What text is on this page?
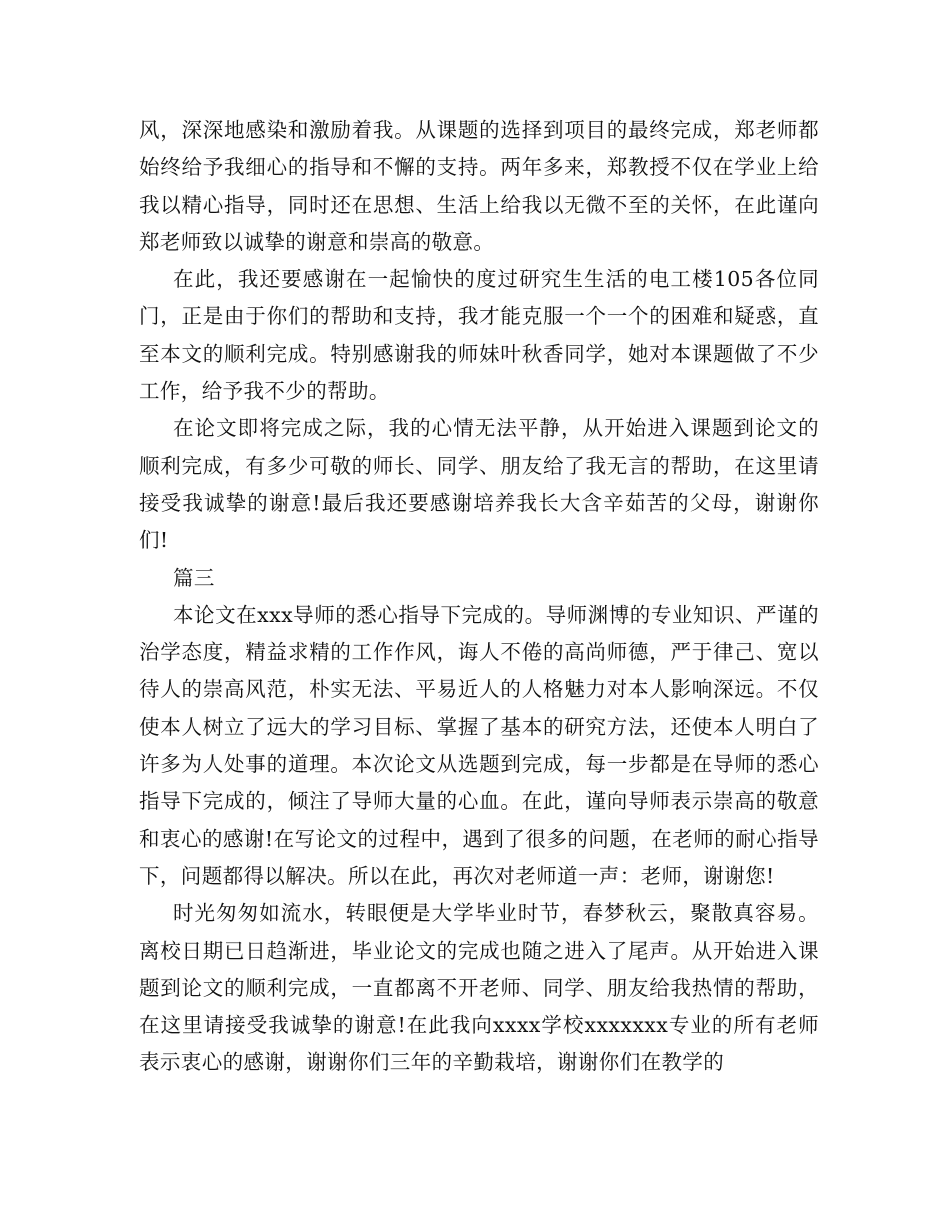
风，深深地感染和激励着我。从课题的选择到项目的最终完成，郑老师都始终给予我细心的指导和不懈的支持。两年多来，郑教授不仅在学业上给我以精心指导，同时还在思想、生活上给我以无微不至的关怀，在此谨向郑老师致以诚挚的谢意和崇高的敬意。

在此，我还要感谢在一起愉快的度过研究生生活的电工楼105各位同门，正是由于你们的帮助和支持，我才能克服一个一个的困难和疑惑，直至本文的顺利完成。特别感谢我的师妹叶秋香同学，她对本课题做了不少工作，给予我不少的帮助。

在论文即将完成之际，我的心情无法平静，从开始进入课题到论文的顺利完成，有多少可敬的师长、同学、朋友给了我无言的帮助，在这里请接受我诚挚的谢意!最后我还要感谢培养我长大含辛茹苦的父母，谢谢你们!

篇三

本论文在xxx导师的悉心指导下完成的。导师渊博的专业知识、严谨的治学态度，精益求精的工作作风，诲人不倦的高尚师德，严于律己、宽以待人的崇高风范，朴实无法、平易近人的人格魅力对本人影响深远。不仅使本人树立了远大的学习目标、掌握了基本的研究方法，还使本人明白了许多为人处事的道理。本次论文从选题到完成，每一步都是在导师的悉心指导下完成的，倾注了导师大量的心血。在此，谨向导师表示崇高的敬意和衷心的感谢!在写论文的过程中，遇到了很多的问题，在老师的耐心指导下，问题都得以解决。所以在此，再次对老师道一声：老师，谢谢您!

时光匆匆如流水，转眼便是大学毕业时节，春梦秋云，聚散真容易。离校日期已日趋渐进，毕业论文的完成也随之进入了尾声。从开始进入课题到论文的顺利完成，一直都离不开老师、同学、朋友给我热情的帮助，在这里请接受我诚挚的谢意!在此我向xxxx学校xxxxxxx专业的所有老师表示衷心的感谢，谢谢你们三年的辛勤栽培，谢谢你们在教学的
